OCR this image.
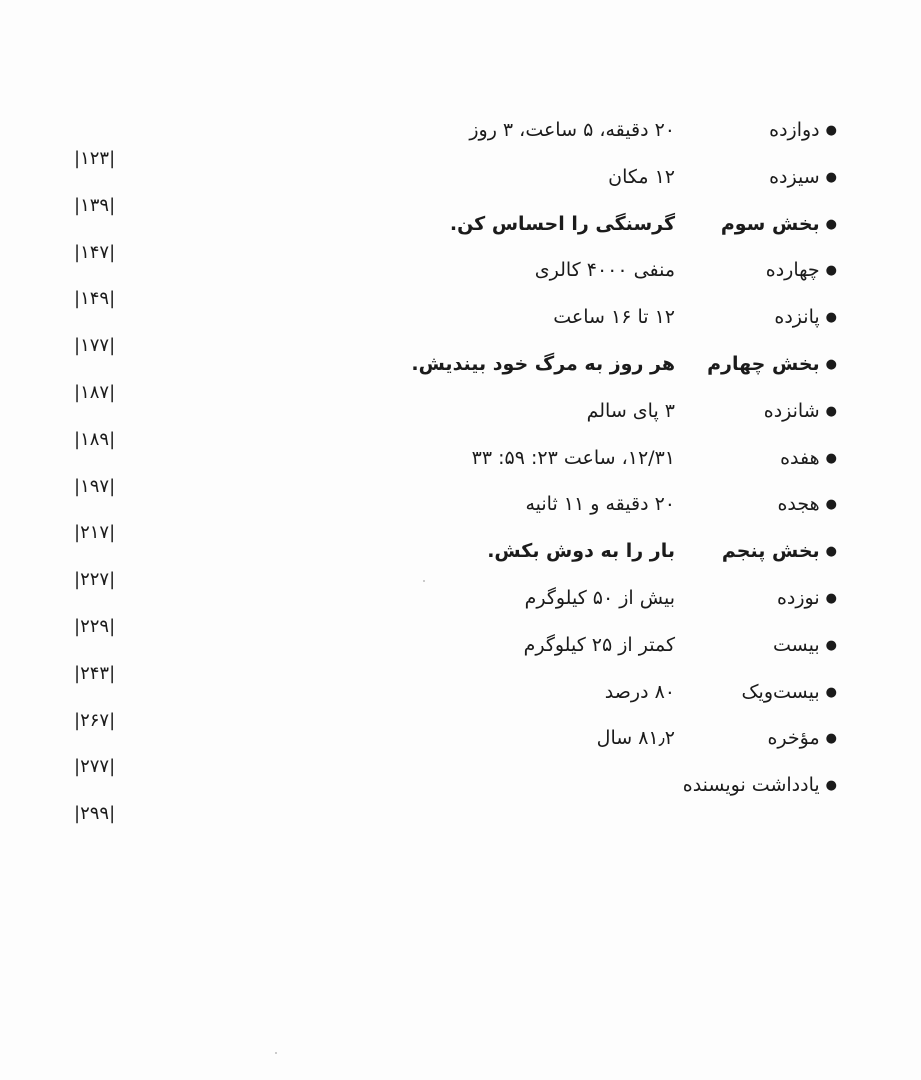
●دوازده
۲۰ دقیقه، ۵ ساعت، ۳ روز
|۱۲۳|
●سیزده
۱۲ مکان
|۱۳۹|
●بخش سوم
گرسنگی را احساس کن.
|۱۴۷|
●چهارده
منفی ۴۰۰۰ کالری
|۱۴۹|
●پانزده
۱۲ تا ۱۶ ساعت
|۱۷۷|
●بخش چهارم
هر روز به مرگ خود بیندیش.
|۱۸۷|
●شانزده
۳ پای سالم
|۱۸۹|
●هفده
۱۲/۳۱، ساعت ۲۳: ۵۹: ۳۳
|۱۹۷|
●هجده
۲۰ دقیقه و ۱۱ ثانیه
|۲۱۷|
●بخش پنجم
بار را به دوش بکش.
|۲۲۷|
●نوزده
بیش از ۵۰ کیلوگرم
|۲۲۹|
●بیست
کمتر از ۲۵ کیلوگرم
|۲۴۳|
●بیست‌ویک
۸۰ درصد
|۲۶۷|
●مؤخره
۸۱٫۲ سال
|۲۷۷|
●یادداشت نویسنده
|۲۹۹|
